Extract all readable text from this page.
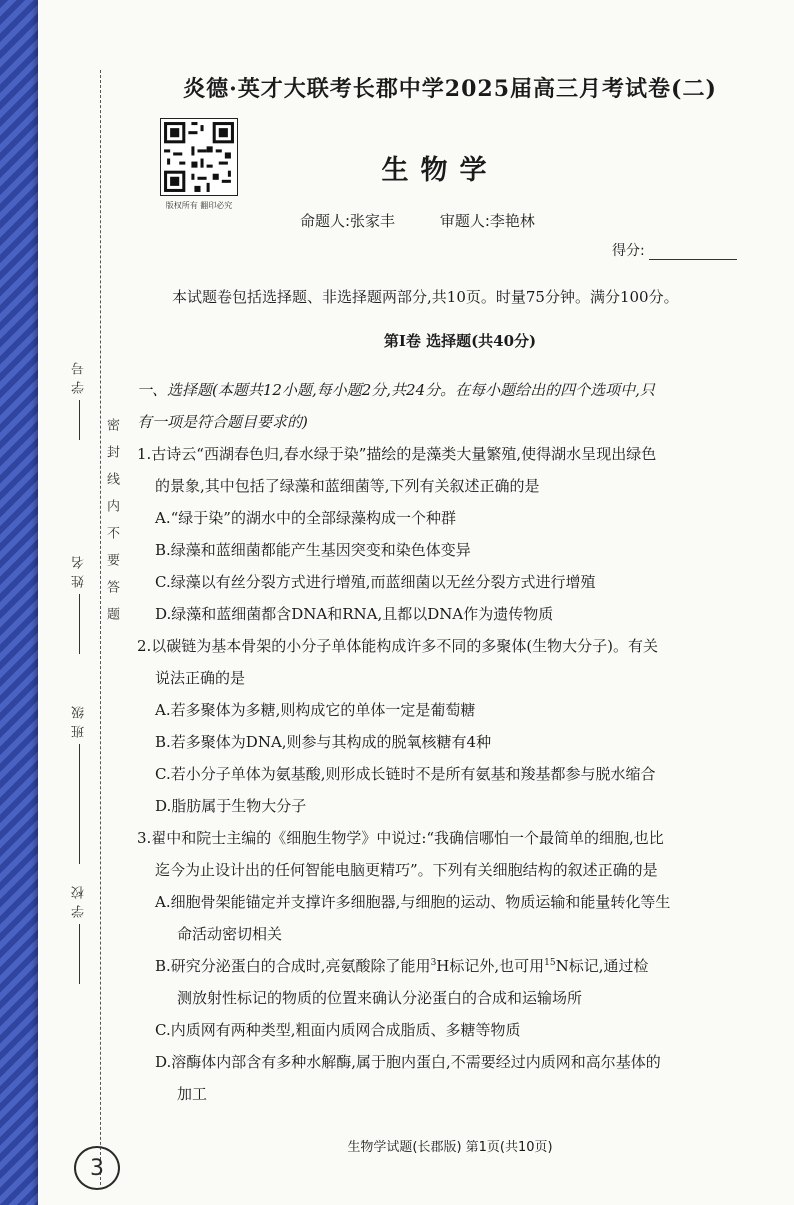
学号
姓名
班级
学校
密封线内不要答题
版权所有 翻印必究
炎德·英才大联考长郡中学2025届高三月考试卷(二)
生物学
命题人:张家丰	审题人:李艳林
得分:
本试题卷包括选择题、非选择题两部分,共10页。时量75分钟。满分100分。
第Ⅰ卷 选择题(共40分)
一、选择题(本题共12小题,每小题2分,共24分。在每小题给出的四个选项中,只
有一项是符合题目要求的)
1.古诗云“西湖春色归,春水绿于染”描绘的是藻类大量繁殖,使得湖水呈现出绿色
的景象,其中包括了绿藻和蓝细菌等,下列有关叙述正确的是
A.“绿于染”的湖水中的全部绿藻构成一个种群
B.绿藻和蓝细菌都能产生基因突变和染色体变异
C.绿藻以有丝分裂方式进行增殖,而蓝细菌以无丝分裂方式进行增殖
D.绿藻和蓝细菌都含DNA和RNA,且都以DNA作为遗传物质
2.以碳链为基本骨架的小分子单体能构成许多不同的多聚体(生物大分子)。有关
说法正确的是
A.若多聚体为多糖,则构成它的单体一定是葡萄糖
B.若多聚体为DNA,则参与其构成的脱氧核糖有4种
C.若小分子单体为氨基酸,则形成长链时不是所有氨基和羧基都参与脱水缩合
D.脂肪属于生物大分子
3.翟中和院士主编的《细胞生物学》中说过:“我确信哪怕一个最简单的细胞,也比
迄今为止设计出的任何智能电脑更精巧”。下列有关细胞结构的叙述正确的是
A.细胞骨架能锚定并支撑许多细胞器,与细胞的运动、物质运输和能量转化等生
命活动密切相关
B.研究分泌蛋白的合成时,亮氨酸除了能用$^3$H标记外,也可用$^{15}$N标记,通过检
测放射性标记的物质的位置来确认分泌蛋白的合成和运输场所
C.内质网有两种类型,粗面内质网合成脂质、多糖等物质
D.溶酶体内部含有多种水解酶,属于胞内蛋白,不需要经过内质网和高尔基体的
加工
生物学试题(长郡版) 第1页(共10页)
3
